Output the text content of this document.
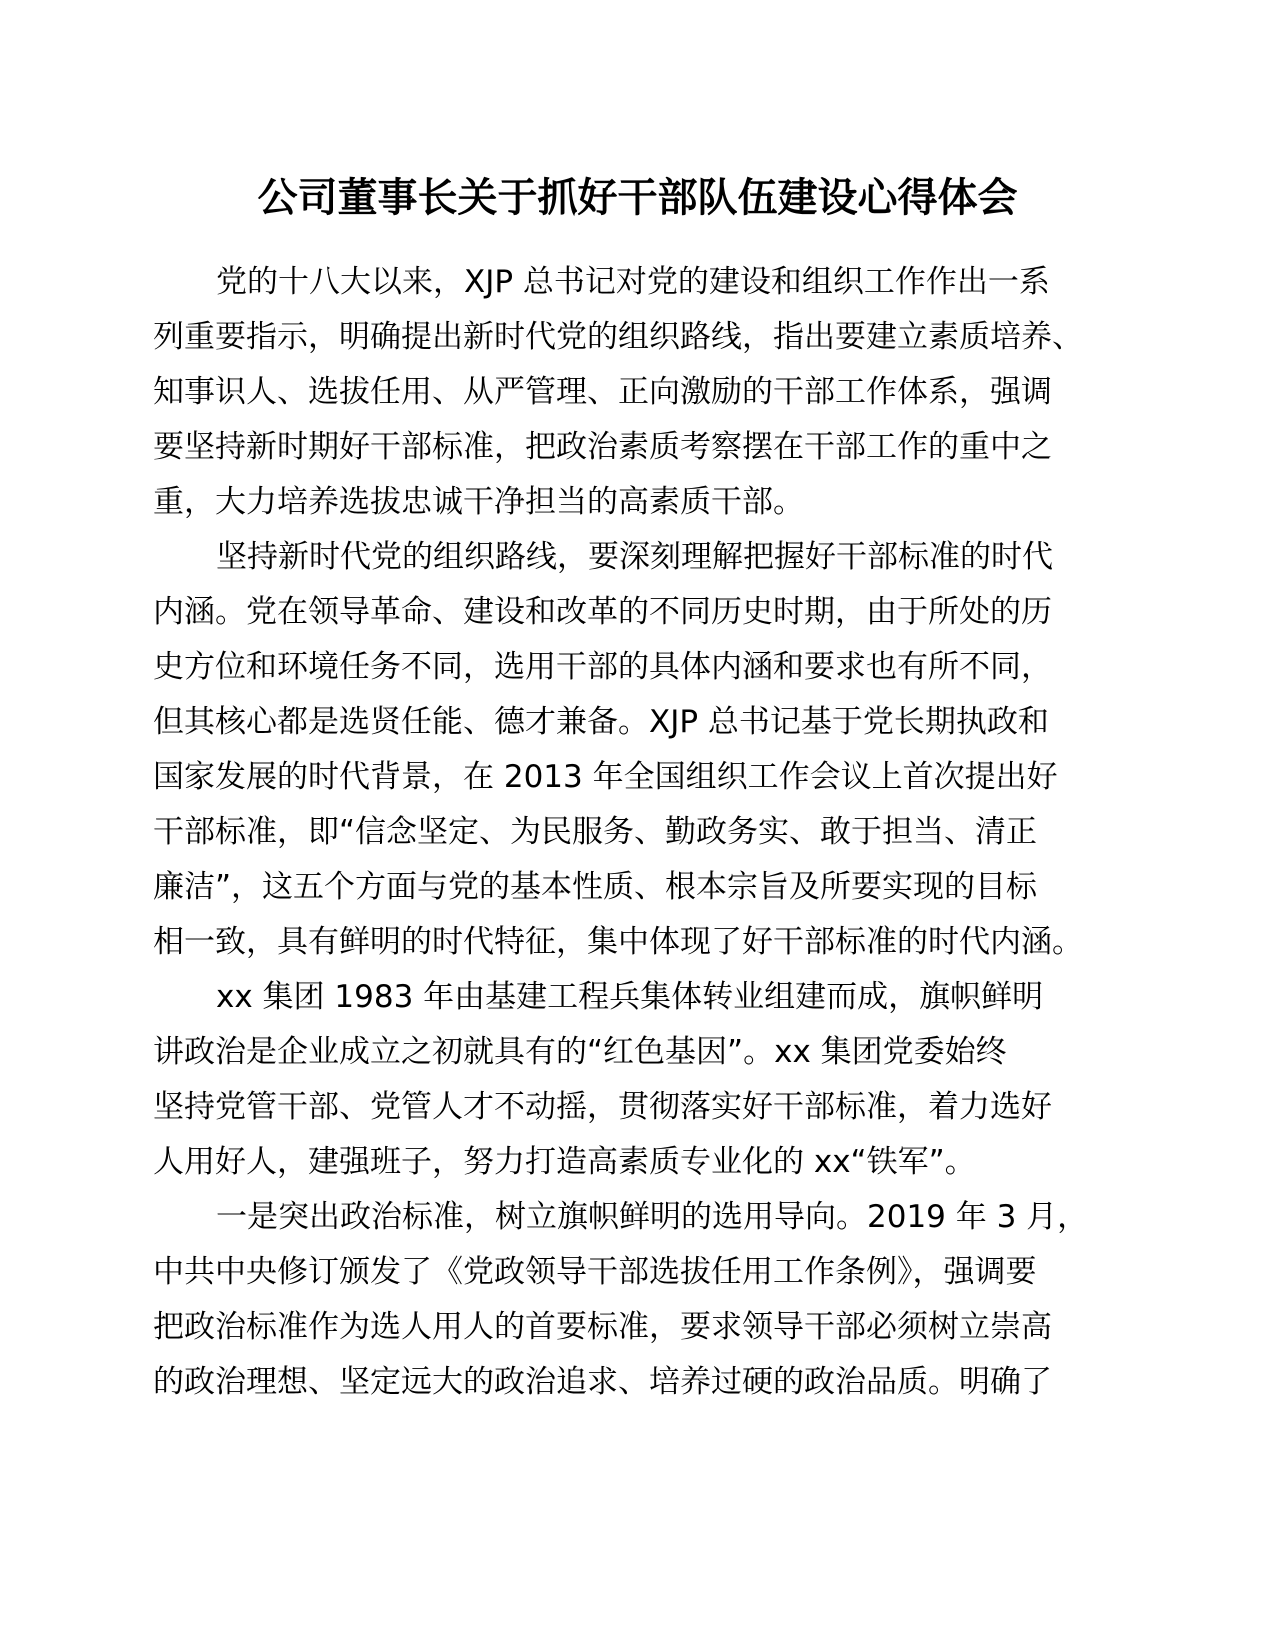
公司董事长关于抓好干部队伍建设心得体会
党的十八大以来，XJP 总书记对党的建设和组织工作作出一系
列重要指示，明确提出新时代党的组织路线，指出要建立素质培养、
知事识人、选拔任用、从严管理、正向激励的干部工作体系，强调
要坚持新时期好干部标准，把政治素质考察摆在干部工作的重中之
重，大力培养选拔忠诚干净担当的高素质干部。
坚持新时代党的组织路线，要深刻理解把握好干部标准的时代
内涵。党在领导革命、建设和改革的不同历史时期，由于所处的历
史方位和环境任务不同，选用干部的具体内涵和要求也有所不同，
但其核心都是选贤任能、德才兼备。XJP 总书记基于党长期执政和
国家发展的时代背景，在 2013 年全国组织工作会议上首次提出好
干部标准，即“信念坚定、为民服务、勤政务实、敢于担当、清正
廉洁”，这五个方面与党的基本性质、根本宗旨及所要实现的目标
相一致，具有鲜明的时代特征，集中体现了好干部标准的时代内涵。
xx 集团 1983 年由基建工程兵集体转业组建而成，旗帜鲜明
讲政治是企业成立之初就具有的“红色基因”。xx 集团党委始终
坚持党管干部、党管人才不动摇，贯彻落实好干部标准，着力选好
人用好人，建强班子，努力打造高素质专业化的 xx“铁军”。
一是突出政治标准，树立旗帜鲜明的选用导向。2019 年 3 月，
中共中央修订颁发了《党政领导干部选拔任用工作条例》，强调要
把政治标准作为选人用人的首要标准，要求领导干部必须树立崇高
的政治理想、坚定远大的政治追求、培养过硬的政治品质。明确了
